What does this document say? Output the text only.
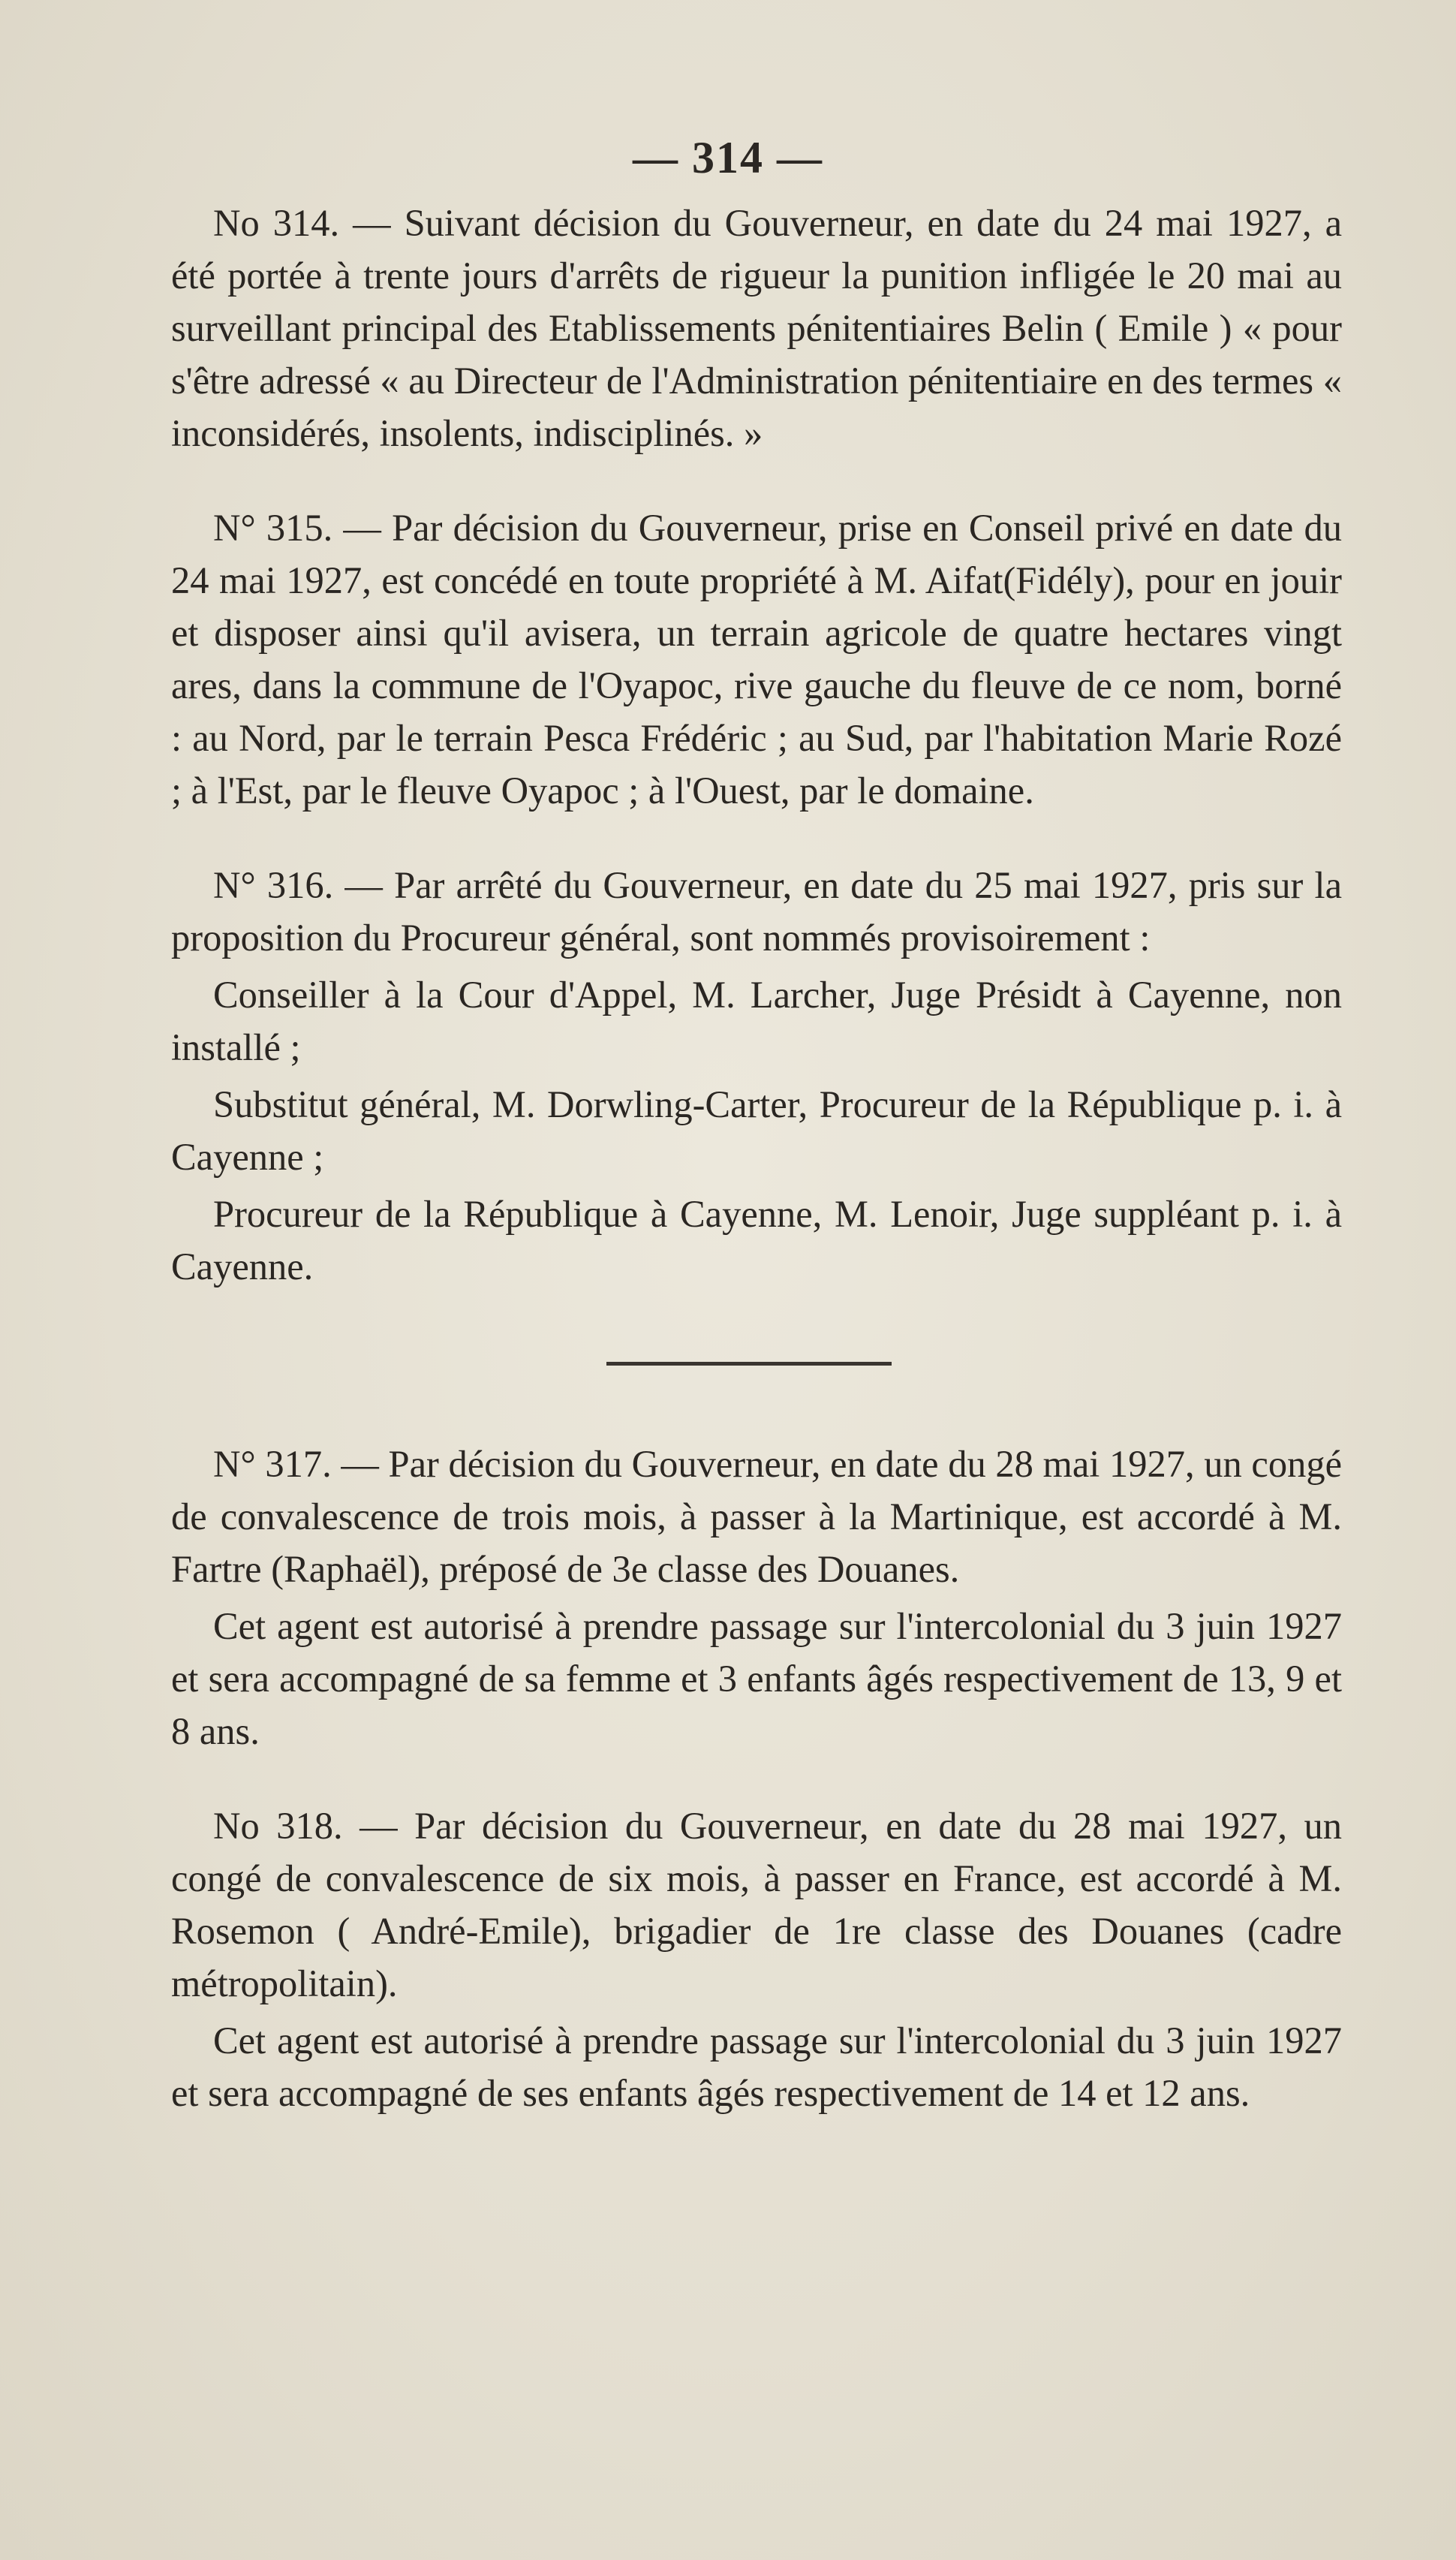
— 314 —

No 314. — Suivant décision du Gouverneur, en date du 24 mai 1927, a été portée à trente jours d'arrêts de rigueur la punition infligée le 20 mai au surveillant principal des Etablissements pénitentiaires Belin ( Emile ) « pour s'être adressé « au Directeur de l'Administration pénitentiaire en des termes « inconsidérés, insolents, indisciplinés. »

N° 315. — Par décision du Gouverneur, prise en Conseil privé en date du 24 mai 1927, est concédé en toute propriété à M. Aifat(Fidély), pour en jouir et disposer ainsi qu'il avisera, un terrain agricole de quatre hectares vingt ares, dans la commune de l'Oyapoc, rive gauche du fleuve de ce nom, borné : au Nord, par le terrain Pesca Frédéric ; au Sud, par l'habitation Marie Rozé ; à l'Est, par le fleuve Oyapoc ; à l'Ouest, par le domaine.

N° 316. — Par arrêté du Gouverneur, en date du 25 mai 1927, pris sur la proposition du Procureur général, sont nommés provisoirement :

Conseiller à la Cour d'Appel, M. Larcher, Juge Présidt à Cayenne, non installé ;

Substitut général, M. Dorwling-Carter, Procureur de la République p. i. à Cayenne ;

Procureur de la République à Cayenne, M. Lenoir, Juge suppléant p. i. à Cayenne.

N° 317. — Par décision du Gouverneur, en date du 28 mai 1927, un congé de convalescence de trois mois, à passer à la Martinique, est accordé à M. Fartre (Raphaël), préposé de 3e classe des Douanes.

Cet agent est autorisé à prendre passage sur l'intercolonial du 3 juin 1927 et sera accompagné de sa femme et 3 enfants âgés respectivement de 13, 9 et 8 ans.

No 318. — Par décision du Gouverneur, en date du 28 mai 1927, un congé de convalescence de six mois, à passer en France, est accordé à M. Rosemon ( André-Emile), brigadier de 1re classe des Douanes (cadre métropolitain).

Cet agent est autorisé à prendre passage sur l'intercolonial du 3 juin 1927 et sera accompagné de ses enfants âgés respectivement de 14 et 12 ans.
